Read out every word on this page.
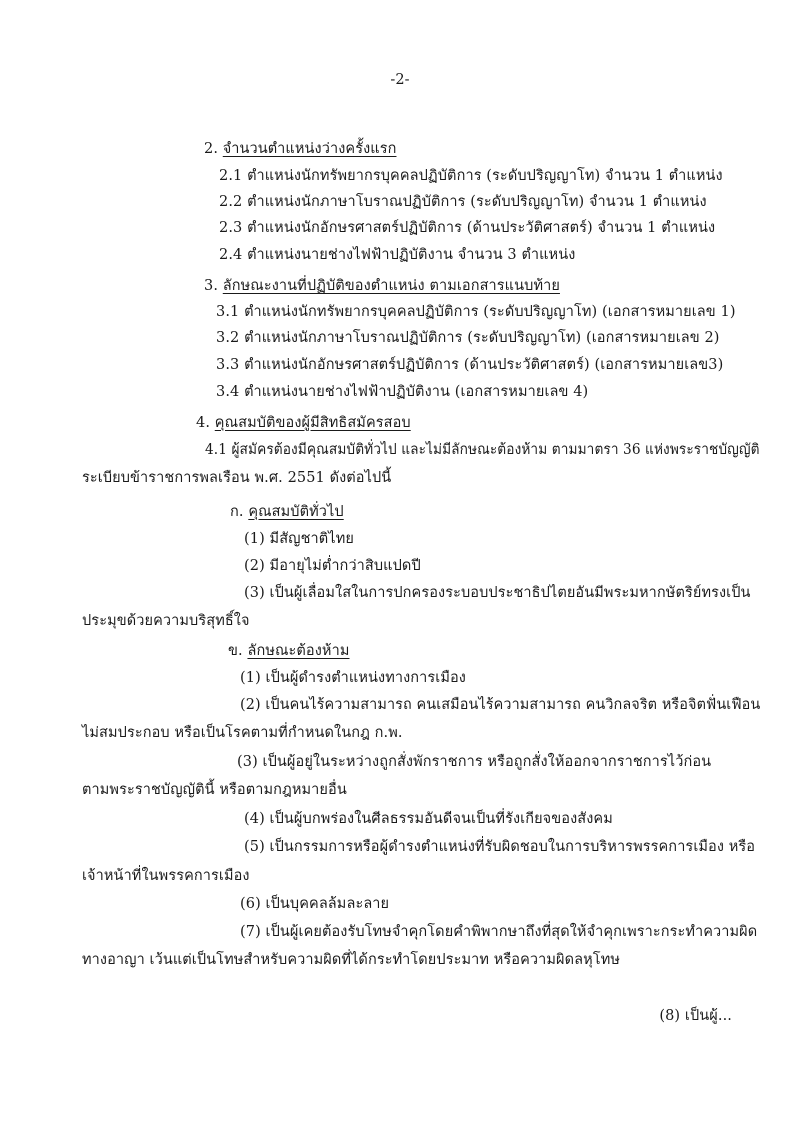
-2-
2. จำนวนตำแหน่งว่างครั้งแรก
2.1 ตำแหน่งนักทรัพยากรบุคคลปฏิบัติการ (ระดับปริญญาโท) จำนวน 1 ตำแหน่ง
2.2 ตำแหน่งนักภาษาโบราณปฏิบัติการ (ระดับปริญญาโท) จำนวน 1 ตำแหน่ง
2.3 ตำแหน่งนักอักษรศาสตร์ปฏิบัติการ (ด้านประวัติศาสตร์) จำนวน 1 ตำแหน่ง
2.4 ตำแหน่งนายช่างไฟฟ้าปฏิบัติงาน จำนวน 3 ตำแหน่ง
3. ลักษณะงานที่ปฏิบัติของตำแหน่ง ตามเอกสารแนบท้าย
3.1 ตำแหน่งนักทรัพยากรบุคคลปฏิบัติการ (ระดับปริญญาโท) (เอกสารหมายเลข 1)
3.2 ตำแหน่งนักภาษาโบราณปฏิบัติการ (ระดับปริญญาโท) (เอกสารหมายเลข 2)
3.3 ตำแหน่งนักอักษรศาสตร์ปฏิบัติการ (ด้านประวัติศาสตร์) (เอกสารหมายเลข3)
3.4 ตำแหน่งนายช่างไฟฟ้าปฏิบัติงาน (เอกสารหมายเลข 4)
4. คุณสมบัติของผู้มีสิทธิสมัครสอบ
4.1 ผู้สมัครต้องมีคุณสมบัติทั่วไป และไม่มีลักษณะต้องห้าม ตามมาตรา 36 แห่งพระราชบัญญัติ
ระเบียบข้าราชการพลเรือน พ.ศ. 2551 ดังต่อไปนี้
ก. คุณสมบัติทั่วไป
(1) มีสัญชาติไทย
(2) มีอายุไม่ต่ำกว่าสิบแปดปี
(3) เป็นผู้เลื่อมใสในการปกครองระบอบประชาธิปไตยอันมีพระมหากษัตริย์ทรงเป็น
ประมุขด้วยความบริสุทธิ์ใจ
ข. ลักษณะต้องห้าม
(1) เป็นผู้ดำรงตำแหน่งทางการเมือง
(2) เป็นคนไร้ความสามารถ คนเสมือนไร้ความสามารถ คนวิกลจริต หรือจิตฟั่นเฟือน
ไม่สมประกอบ หรือเป็นโรคตามที่กำหนดในกฎ ก.พ.
(3) เป็นผู้อยู่ในระหว่างถูกสั่งพักราชการ หรือถูกสั่งให้ออกจากราชการไว้ก่อน
ตามพระราชบัญญัตินี้ หรือตามกฎหมายอื่น
(4) เป็นผู้บกพร่องในศีลธรรมอันดีจนเป็นที่รังเกียจของสังคม
(5) เป็นกรรมการหรือผู้ดำรงตำแหน่งที่รับผิดชอบในการบริหารพรรคการเมือง หรือ
เจ้าหน้าที่ในพรรคการเมือง
(6) เป็นบุคคลล้มละลาย
(7) เป็นผู้เคยต้องรับโทษจำคุกโดยคำพิพากษาถึงที่สุดให้จำคุกเพราะกระทำความผิด
ทางอาญา เว้นแต่เป็นโทษสำหรับความผิดที่ได้กระทำโดยประมาท หรือความผิดลหุโทษ
(8) เป็นผู้...
